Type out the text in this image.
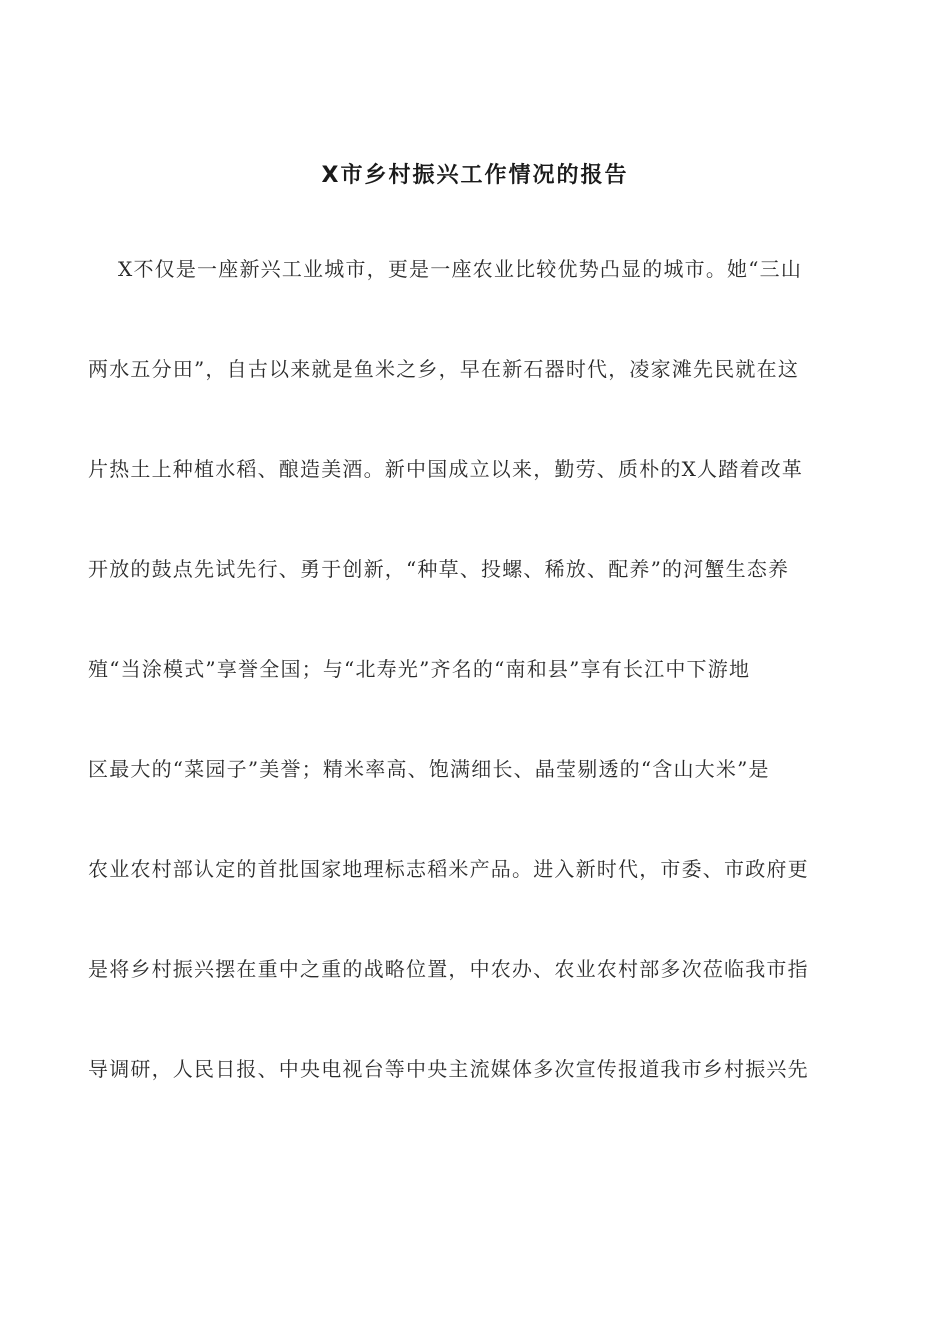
X市乡村振兴工作情况的报告
X不仅是一座新兴工业城市，更是一座农业比较优势凸显的城市。她“三山
两水五分田”，自古以来就是鱼米之乡，早在新石器时代，凌家滩先民就在这
片热土上种植水稻、酿造美酒。新中国成立以来，勤劳、质朴的X人踏着改革
开放的鼓点先试先行、勇于创新，“种草、投螺、稀放、配养”的河蟹生态养
殖“当涂模式”享誉全国；与“北寿光”齐名的“南和县”享有长江中下游地
区最大的“菜园子”美誉；精米率高、饱满细长、晶莹剔透的“含山大米”是
农业农村部认定的首批国家地理标志稻米产品。进入新时代，市委、市政府更
是将乡村振兴摆在重中之重的战略位置，中农办、农业农村部多次莅临我市指
导调研，人民日报、中央电视台等中央主流媒体多次宣传报道我市乡村振兴先
